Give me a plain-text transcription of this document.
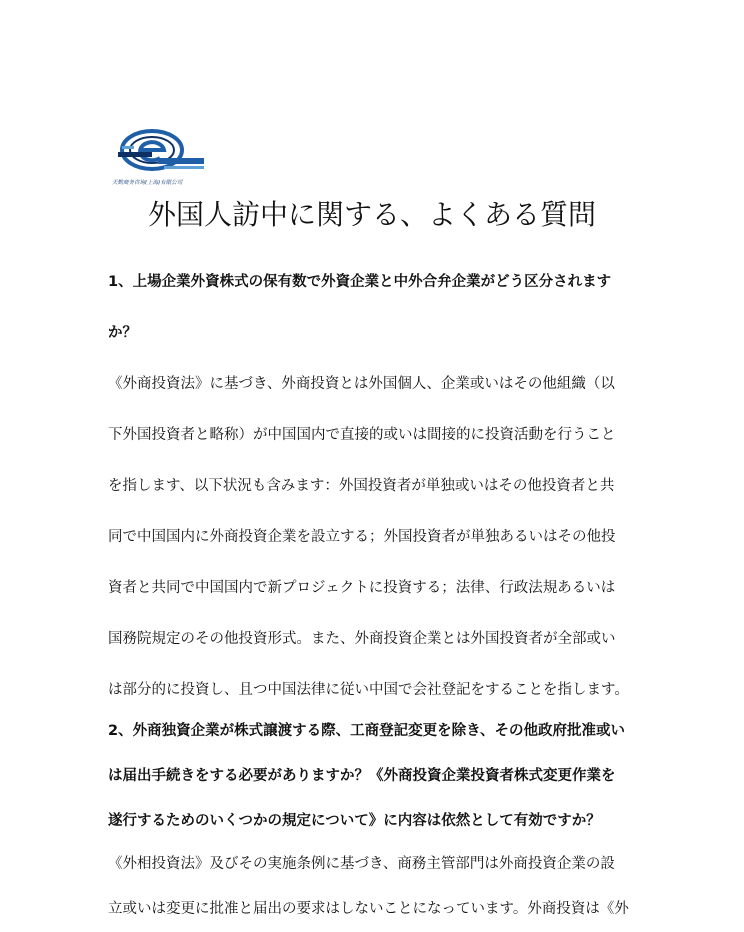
天勤商务咨询(上海)有限公司
外国人訪中に関する、よくある質問
1、上場企業外資株式の保有数で外資企業と中外合弁企業がどう区分されます
か？
《外商投資法》に基づき、外商投資とは外国個人、企業或いはその他組織（以
下外国投資者と略称）が中国国内で直接的或いは間接的に投資活動を行うこと
を指します、以下状況も含みます：外国投資者が単独或いはその他投資者と共
同で中国国内に外商投資企業を設立する；外国投資者が単独あるいはその他投
資者と共同で中国国内で新プロジェクトに投資する；法律、行政法規あるいは
国務院規定のその他投資形式。また、外商投資企業とは外国投資者が全部或い
は部分的に投資し、且つ中国法律に従い中国で会社登記をすることを指します。
2、外商独資企業が株式譲渡する際、工商登記変更を除き、その他政府批准或い
は届出手続きをする必要がありますか？《外商投資企業投資者株式変更作業を
遂行するためのいくつかの規定について》に内容は依然として有効ですか？
《外相投資法》及びその実施条例に基づき、商務主管部門は外商投資企業の設
立或いは変更に批准と届出の要求はしないことになっています。外商投資は《外
